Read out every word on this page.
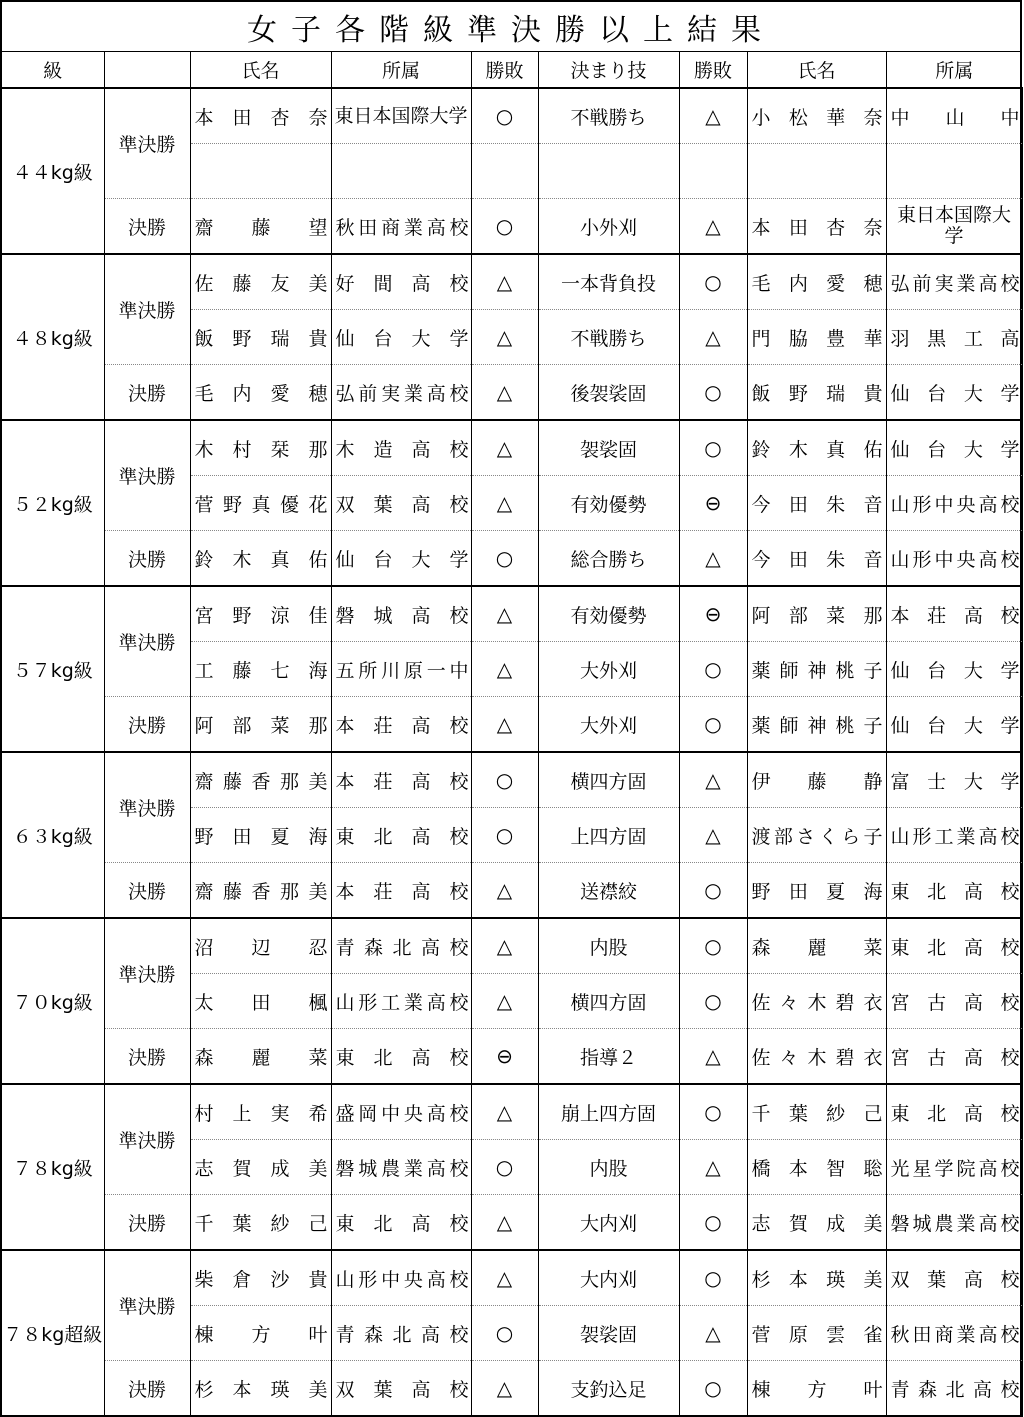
女子各階級準決勝以上結果
級		氏名	所属	勝敗	決まり技	勝敗	氏名	所属
４４kg級	準決勝	本田杏奈	東日本国際大学	○	不戦勝ち	△	小松華奈	中山中

	決勝	齋藤望	秋田商業高校	○	小外刈	△	本田杏奈	東日本国際大学
４８kg級	準決勝	佐藤友美	好間高校	△	一本背負投	○	毛内愛穂	弘前実業高校
		飯野瑞貴	仙台大学	△	不戦勝ち	△	門脇豊華	羽黒工高
	決勝	毛内愛穂	弘前実業高校	△	後袈裟固	○	飯野瑞貴	仙台大学
５２kg級	準決勝	木村栞那	木造高校	△	袈裟固	○	鈴木真佑	仙台大学
		菅野真優花	双葉高校	△	有効優勢	⊖	今田朱音	山形中央高校
	決勝	鈴木真佑	仙台大学	○	総合勝ち	△	今田朱音	山形中央高校
５７kg級	準決勝	宮野涼佳	磐城高校	△	有効優勢	⊖	阿部菜那	本荘高校
		工藤七海	五所川原一中	△	大外刈	○	薬師神桃子	仙台大学
	決勝	阿部菜那	本荘高校	△	大外刈	○	薬師神桃子	仙台大学
６３kg級	準決勝	齋藤香那美	本荘高校	○	横四方固	△	伊藤静	富士大学
		野田夏海	東北高校	○	上四方固	△	渡部さくら子	山形工業高校
	決勝	齋藤香那美	本荘高校	△	送襟絞	○	野田夏海	東北高校
７０kg級	準決勝	沼辺忍	青森北高校	△	内股	○	森麗菜	東北高校
		太田楓	山形工業高校	△	横四方固	○	佐々木碧衣	宮古高校
	決勝	森麗菜	東北高校	⊖	指導２	△	佐々木碧衣	宮古高校
７８kg級	準決勝	村上実希	盛岡中央高校	△	崩上四方固	○	千葉紗己	東北高校
		志賀成美	磐城農業高校	○	内股	△	橋本智聡	光星学院高校
	決勝	千葉紗己	東北高校	△	大内刈	○	志賀成美	磐城農業高校
７８kg超級	準決勝	柴倉沙貴	山形中央高校	△	大内刈	○	杉本瑛美	双葉高校
		棟方叶	青森北高校	○	袈裟固	△	菅原雲雀	秋田商業高校
	決勝	杉本瑛美	双葉高校	△	支釣込足	○	棟方叶	青森北高校
